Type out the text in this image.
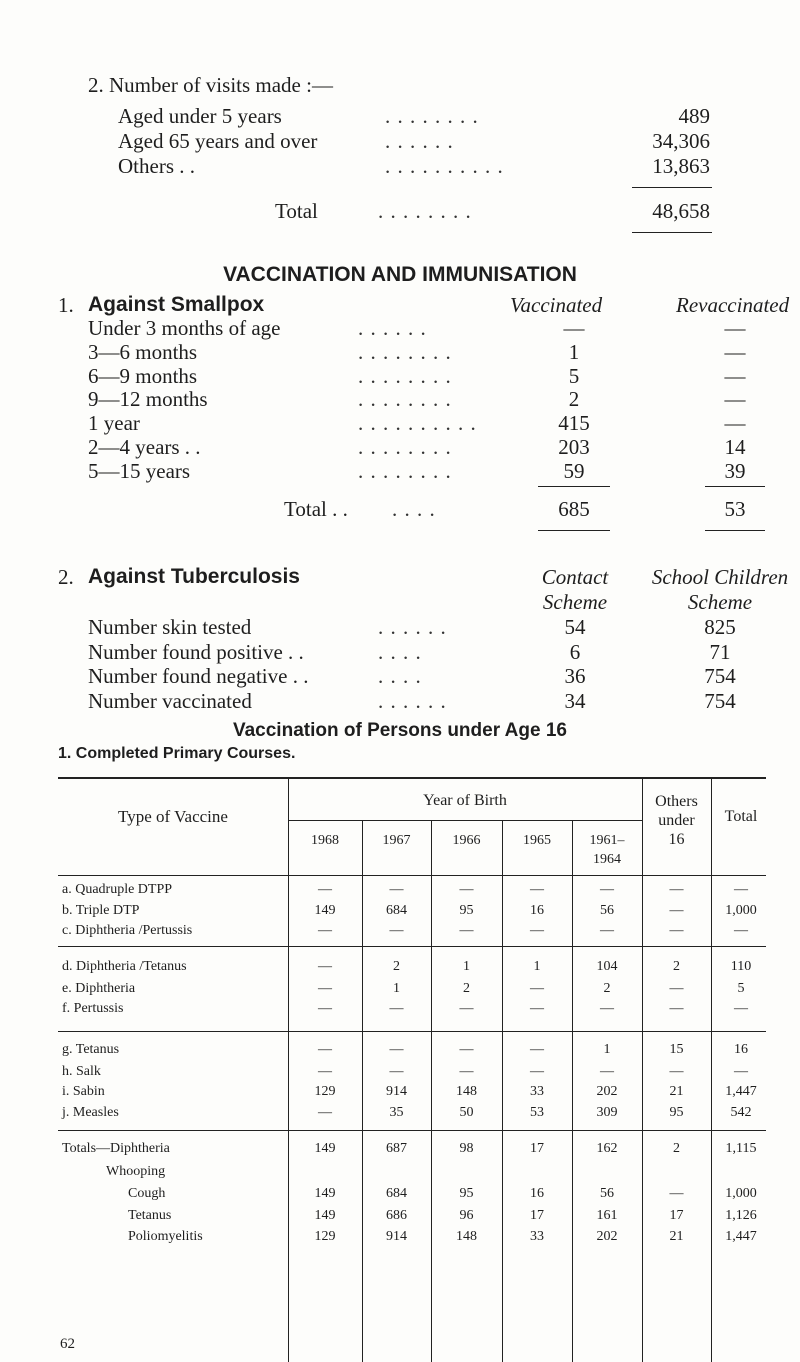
2. Number of visits made :—
Aged under 5 years	. . . . . . . .	489
Aged 65 years and over	. . . . . .	34,306
Others . .	. . . . . . . . . .	13,863
Total	. . . . . . . .	48,658
VACCINATION AND IMMUNISATION
1. Against Smallpox	Vaccinated	Revaccinated
Under 3 months of age	. . . . . .	—	—
3—6 months	. . . . . . . .	1	—
6—9 months	. . . . . . . .	5	—
9—12 months	. . . . . . . .	2	—
1 year	. . . . . . . . . .	415	—
2—4 years . .	. . . . . . . .	203	14
5—15 years	. . . . . . . .	59	39
Total . . . . . .	685	53
2. Against Tuberculosis	Contact
Scheme
School Children
Scheme
Number skin tested	. . . . . .	54	825
Number found positive . .	. . . .	6	71
Number found negative . .	. . . .	36	754
Number vaccinated	. . . . . .	34	754
Vaccination of Persons under Age 16
1. Completed Primary Courses.
Type of Vaccine
Year of Birth	Others
under
16
Total
1968	1967	1966	1965	1961–
1964
a. Quadruple DTPP	—	—	—	—	—	—	—
b. Triple DTP	149	684	95	16	56	—	1,000
c. Diphtheria /Pertussis	—	—	—	—	—	—	—
d. Diphtheria /Tetanus	—	2	1	1	104	2	110
e. Diphtheria	—	1	2	—	2	—	5
f. Pertussis	—	—	—	—	—	—	—
g. Tetanus	—	—	—	—	1	15	16
h. Salk	—	—	—	—	—	—	—
i. Sabin	129	914	148	33	202	21	1,447
j. Measles	—	35	50	53	309	95	542
Totals—Diphtheria	149	687	98	17	162	2	1,115
Whooping
Cough	149	684	95	16	56	—	1,000
Tetanus	149	686	96	17	161	17	1,126
Poliomyelitis	129	914	148	33	202	21	1,447
62
